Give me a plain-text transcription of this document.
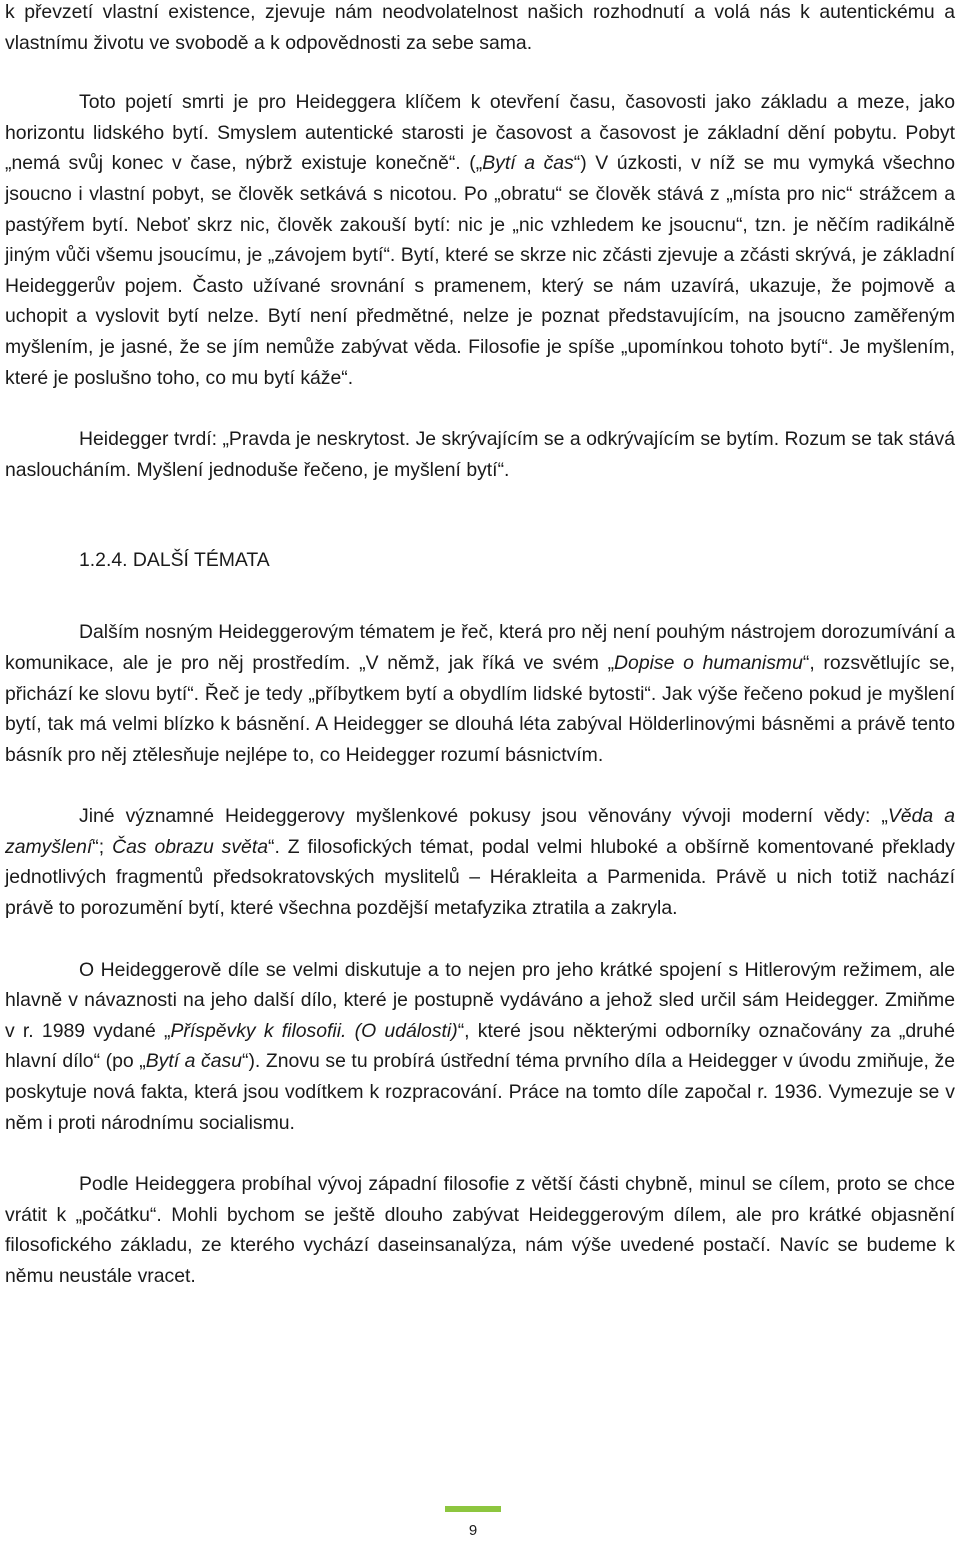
k převzetí vlastní existence, zjevuje nám neodvolatelnost našich rozhodnutí a volá nás k autentickému a vlastnímu životu ve svobodě a k odpovědnosti za sebe sama.

Toto pojetí smrti je pro Heideggera klíčem k otevření času, časovosti jako základu a meze, jako horizontu lidského bytí. Smyslem autentické starosti je časovost a časovost je základní dění pobytu. Pobyt „nemá svůj konec v čase, nýbrž existuje konečně“. („Bytí a čas“) V úzkosti, v níž se mu vymyká všechno jsoucno i vlastní pobyt, se člověk setkává s nicotou. Po „obratu“ se člověk stává z „místa pro nic“ strážcem a pastýřem bytí. Neboť skrz nic, člověk zakouší bytí: nic je „nic vzhledem ke jsoucnu“, tzn. je něčím radikálně jiným vůči všemu jsoucímu, je „závojem bytí“. Bytí, které se skrze nic zčásti zjevuje a zčásti skrývá, je základní Heideggerův pojem. Často užívané srovnání s pramenem, který se nám uzavírá, ukazuje, že pojmově a uchopit a vyslovit bytí nelze. Bytí není předmětné, nelze je poznat představujícím, na jsoucno zaměřeným myšlením, je jasné, že se jím nemůže zabývat věda. Filosofie je spíše „upomínkou tohoto bytí“. Je myšlením, které je poslušno toho, co mu bytí káže“.

Heidegger tvrdí: „Pravda je neskrytost. Je skrývajícím se a odkrývajícím se bytím. Rozum se tak stává nasloucháním. Myšlení jednoduše řečeno, je myšlení bytí“.

1.2.4. DALŠÍ TÉMATA

Dalším nosným Heideggerovým tématem je řeč, která pro něj není pouhým nástrojem dorozumívání a komunikace, ale je pro něj prostředím. „V němž, jak říká ve svém „Dopise o humanismu“, rozsvětlujíc se, přichází ke slovu bytí“. Řeč je tedy „příbytkem bytí a obydlím lidské bytosti“. Jak výše řečeno pokud je myšlení bytí, tak má velmi blízko k básnění. A Heidegger se dlouhá léta zabýval Hölderlinovými básněmi a právě tento básník pro něj ztělesňuje nejlépe to, co Heidegger rozumí básnictvím.

Jiné významné Heideggerovy myšlenkové pokusy jsou věnovány vývoji moderní vědy: „Věda a zamyšlení“; Čas obrazu světa“. Z filosofických témat, podal velmi hluboké a obšírně komentované překlady jednotlivých fragmentů předsokratovských myslitelů – Hérakleita a Parmenida. Právě u nich totiž nachází právě to porozumění bytí, které všechna pozdější metafyzika ztratila a zakryla.

O Heideggerově díle se velmi diskutuje a to nejen pro jeho krátké spojení s Hitlerovým režimem, ale hlavně v návaznosti na jeho další dílo, které je postupně vydáváno a jehož sled určil sám Heidegger. Zmiňme v r. 1989 vydané „Příspěvky k filosofii. (O události)“, které jsou některými odborníky označovány za „druhé hlavní dílo“ (po „Bytí a času“). Znovu se tu probírá ústřední téma prvního díla a Heidegger v úvodu zmiňuje, že poskytuje nová fakta, která jsou vodítkem k rozpracování. Práce na tomto díle započal r. 1936. Vymezuje se v něm i proti národnímu socialismu.

Podle Heideggera probíhal vývoj západní filosofie z větší části chybně, minul se cílem, proto se chce vrátit k „počátku“. Mohli bychom se ještě dlouho zabývat Heideggerovým dílem, ale pro krátké objasnění filosofického základu, ze kterého vychází daseinsanalýza, nám výše uvedené postačí. Navíc se budeme k němu neustále vracet.

9
